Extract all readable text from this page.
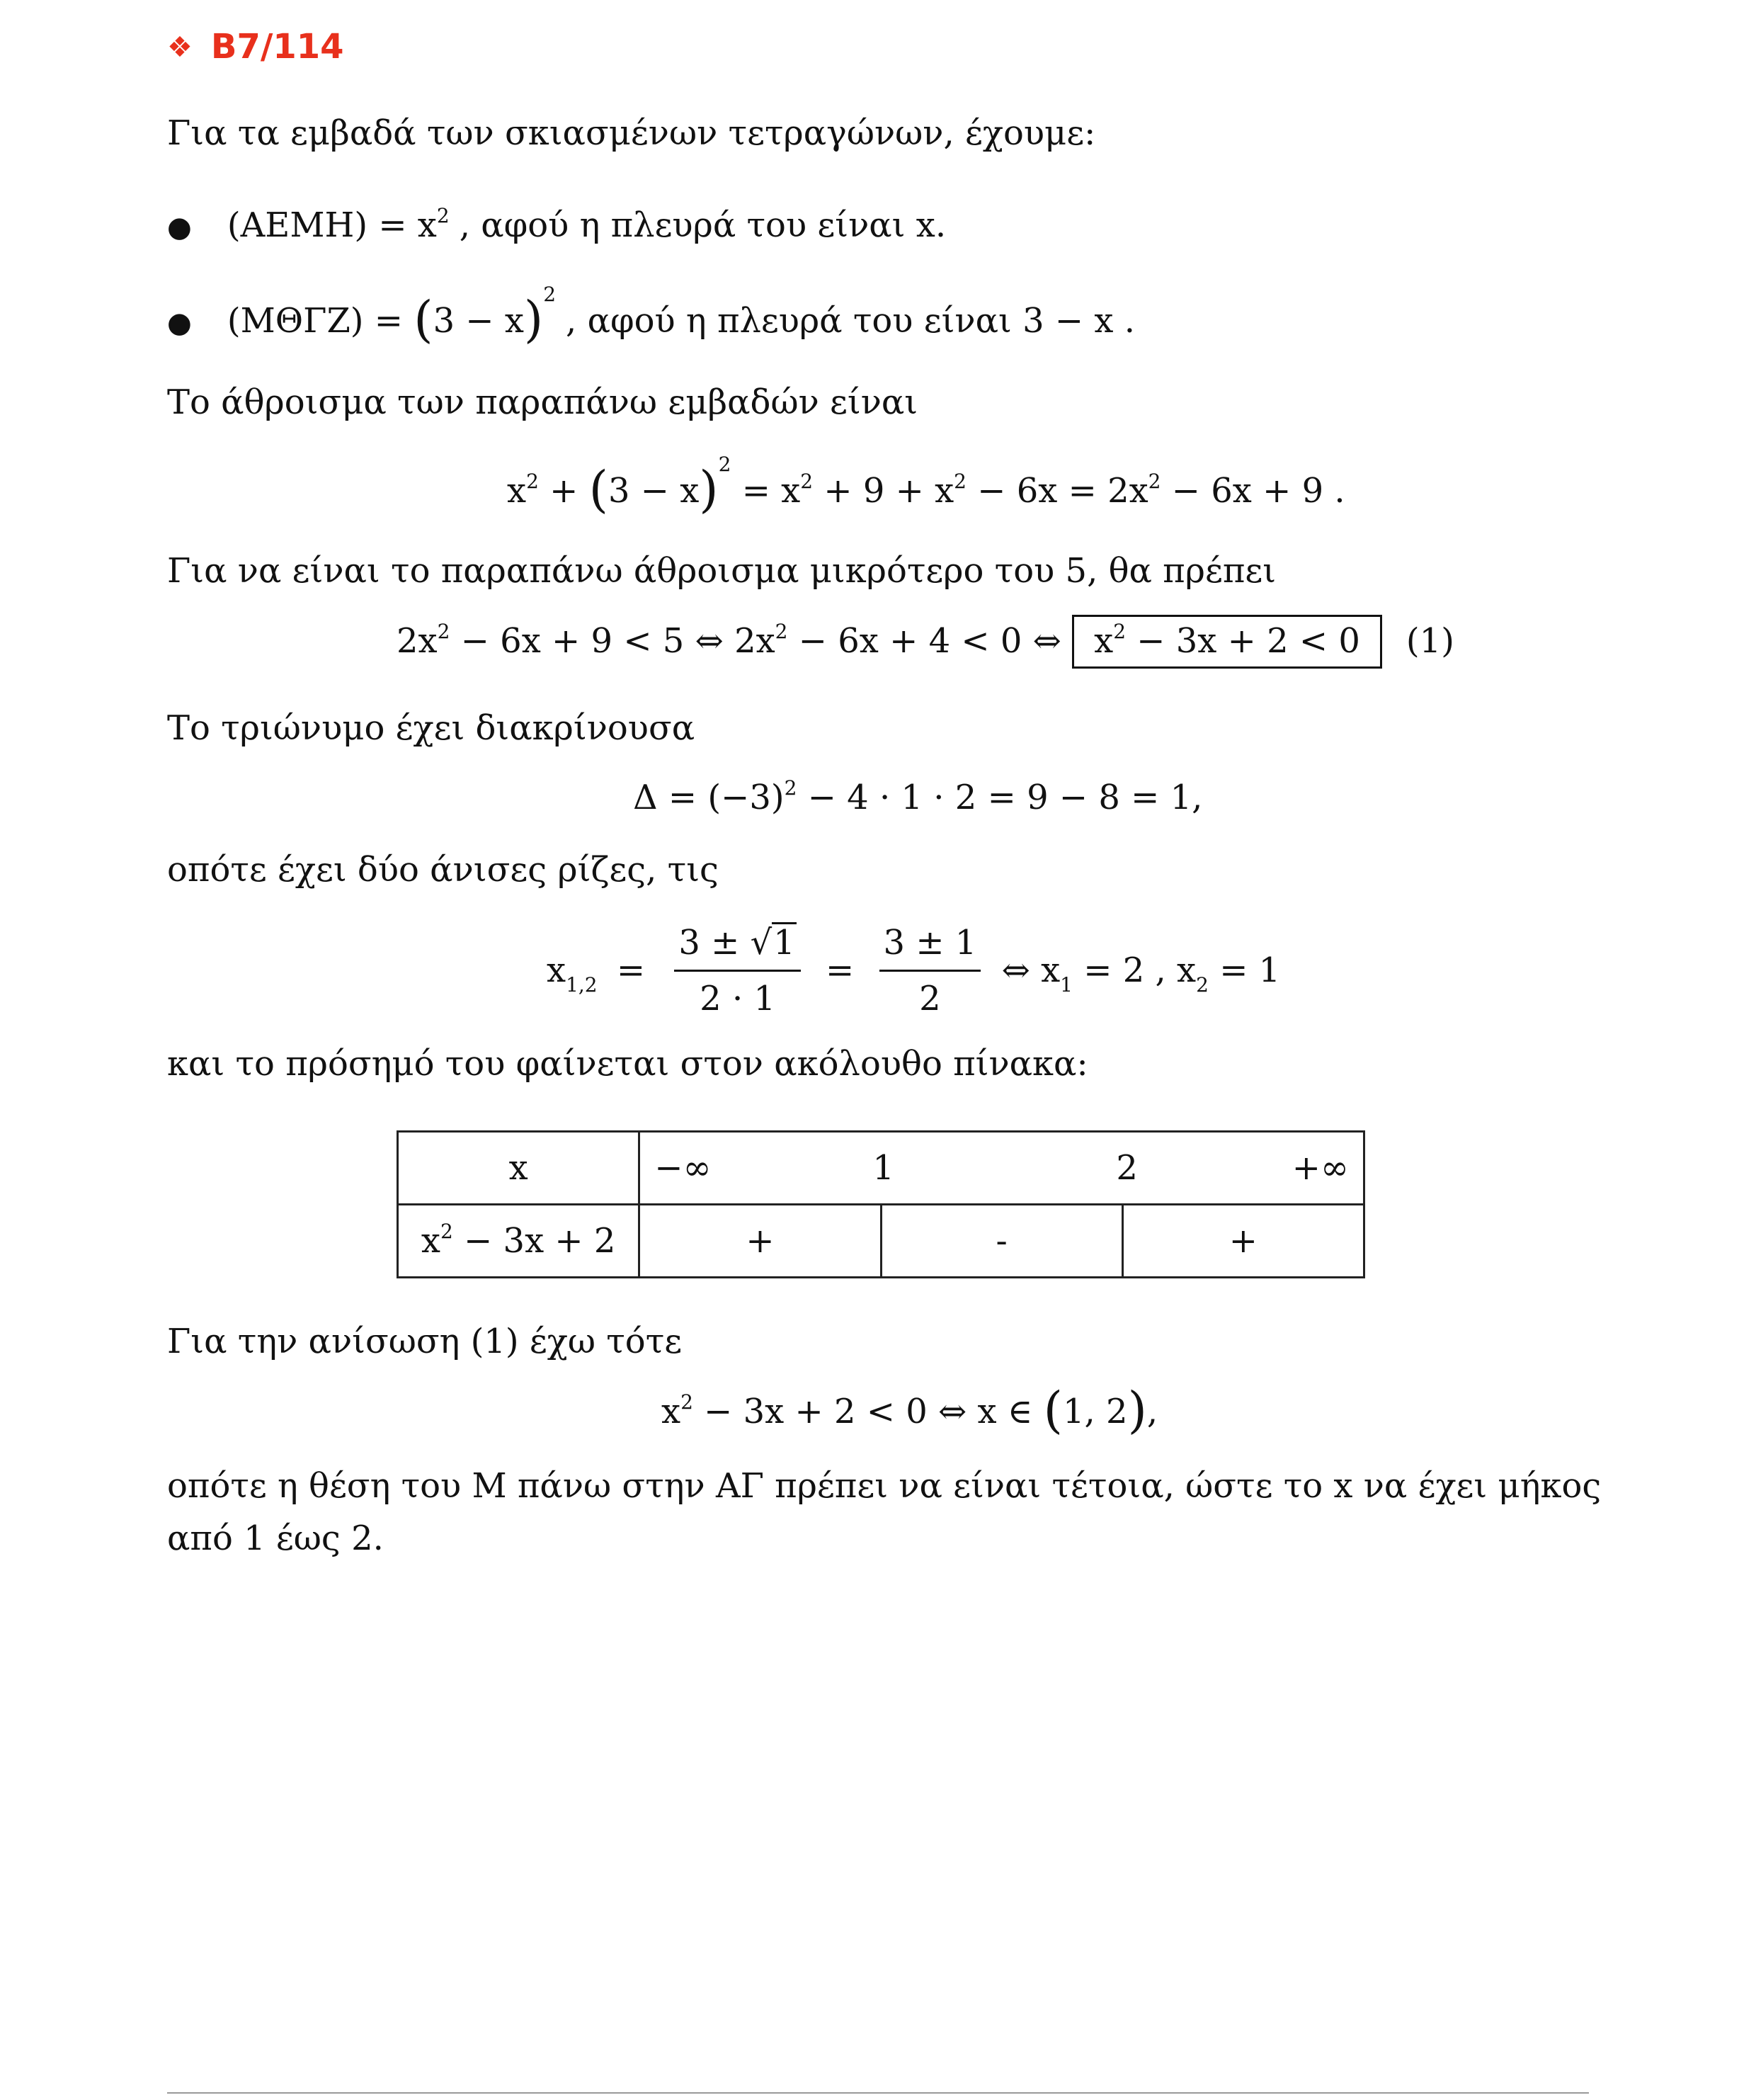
❖ B7/114
Για τα εμβαδά των σκιασμένων τετραγώνων, έχουμε:
● $(AEMH) = x^2$ , αφού η πλευρά του είναι x.
● $(M\Theta\Gamma Z) = (3 - x)^2$, αφού η πλευρά του είναι 3 − x .
Το άθροισμα των παραπάνω εμβαδών είναι
$x^2 + (3 - x)^2 = x^2 + 9 + x^2 - 6x = 2x^2 - 6x + 9$ .
Για να είναι το παραπάνω άθροισμα μικρότερο του 5, θα πρέπει
$2x^2 - 6x + 9 < 5$ ⇔ $2x^2 - 6x + 4 < 0$ ⇔ $x^2 - 3x + 2 < 0$ (1)
Το τριώνυμο έχει διακρίνουσα
$\Delta = (-3)^2 - 4 \cdot 1 \cdot 2 = 9 - 8 = 1$,
οπότε έχει δύο άνισες ρίζες, τις
$x_{1,2} = \frac{3 \pm √1}{2 \cdot 1} = \frac{3 \pm 1}{2}$ ⇔ $x_1 = 2$ , $x_2 = 1$
και το πρόσημό του φαίνεται στον ακόλουθο πίνακα:
x	−∞ 1 2 +∞		

$x^2 - 3x + 2$	+	-	+
Για την ανίσωση (1) έχω τότε
$x^2 - 3x + 2 < 0$ ⇔ x ∈ (1, 2),
οπότε η θέση του Μ πάνω στην ΑΓ πρέπει να είναι τέτοια, ώστε το x να έχει μήκος
από 1 έως 2.
